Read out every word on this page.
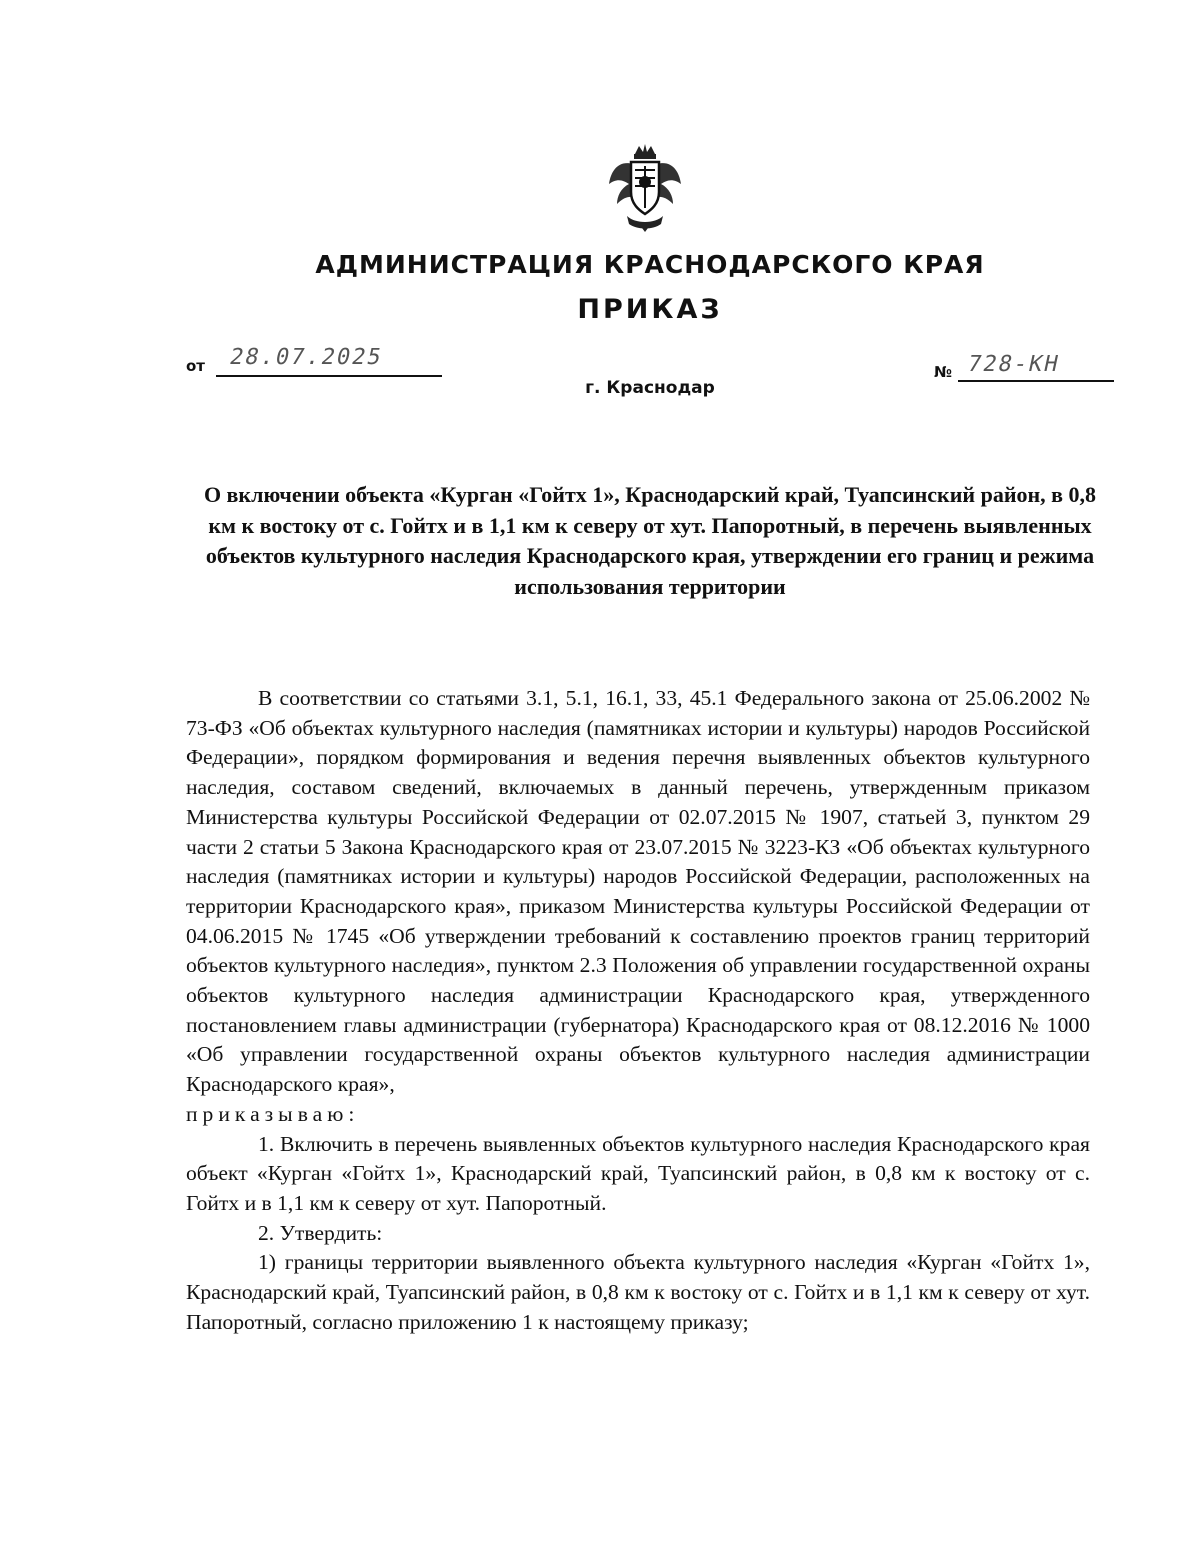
АДМИНИСТРАЦИЯ КРАСНОДАРСКОГО КРАЯ
ПРИКАЗ
от 28.07.2025
№ 728-КН
г. Краснодар
О включении объекта «Курган «Гойтх 1», Краснодарский край, Туапсинский район, в 0,8 км к востоку от с. Гойтх и в 1,1 км к северу от хут. Папоротный, в перечень выявленных объектов культурного наследия Краснодарского края, утверждении его границ и режима использования территории

В соответствии со статьями 3.1, 5.1, 16.1, 33, 45.1 Федерального закона от 25.06.2002 № 73-ФЗ «Об объектах культурного наследия (памятниках истории и культуры) народов Российской Федерации», порядком формирования и ведения перечня выявленных объектов культурного наследия, составом сведений, включаемых в данный перечень, утвержденным приказом Министерства культуры Российской Федерации от 02.07.2015 № 1907, статьей 3, пунктом 29 части 2 статьи 5 Закона Краснодарского края от 23.07.2015 № 3223-КЗ «Об объектах культурного наследия (памятниках истории и культуры) народов Российской Федерации, расположенных на территории Краснодарского края», приказом Министерства культуры Российской Федерации от 04.06.2015 № 1745 «Об утверждении требований к составлению проектов границ территорий объектов культурного наследия», пунктом 2.3 Положения об управлении государственной охраны объектов культурного наследия администрации Краснодарского края, утвержденного постановлением главы администрации (губернатора) Краснодарского края от 08.12.2016 № 1000 «Об управлении государственной охраны объектов культурного наследия администрации Краснодарского края»,
приказываю:

1. Включить в перечень выявленных объектов культурного наследия Краснодарского края объект «Курган «Гойтх 1», Краснодарский край, Туапсинский район, в 0,8 км к востоку от с. Гойтх и в 1,1 км к северу от хут. Папоротный.

2. Утвердить:

1) границы территории выявленного объекта культурного наследия «Курган «Гойтх 1», Краснодарский край, Туапсинский район, в 0,8 км к востоку от с. Гойтх и в 1,1 км к северу от хут. Папоротный, согласно приложению 1 к настоящему приказу;
